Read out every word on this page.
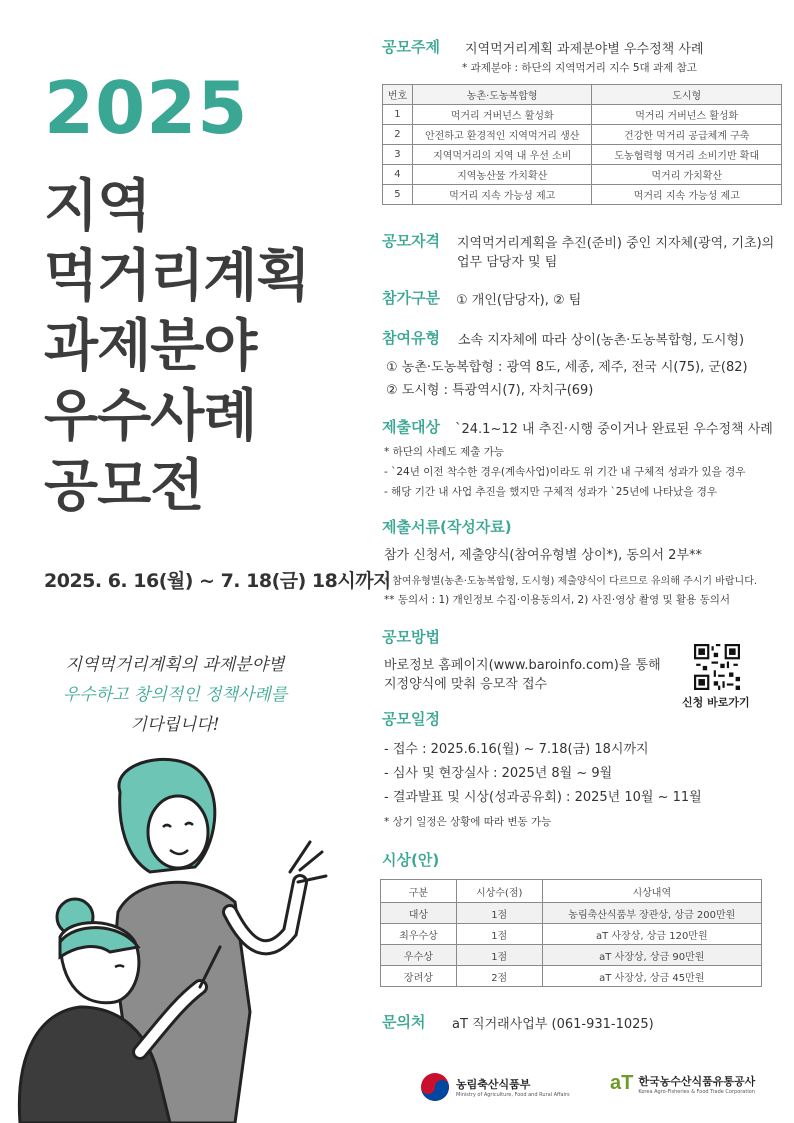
2025
지역
먹거리계획
과제분야
우수사례
공모전
2025. 6. 16(월) ~ 7. 18(금) 18시까지
지역먹거리계획의 과제분야별
우수하고 창의적인 정책사례를
기다립니다!
공모주제 지역먹거리계획 과제분야별 우수정책 사례
* 과제분야 : 하단의 지역먹거리 지수 5대 과제 참고
번호	농촌·도농복합형	도시형
1	먹거리 거버넌스 활성화	먹거리 거버넌스 활성화
2	안전하고 환경적인 지역먹거리 생산	건강한 먹거리 공급체계 구축
3	지역먹거리의 지역 내 우선 소비	도농협력형 먹거리 소비기반 확대
4	지역농산물 가치확산	먹거리 가치확산
5	먹거리 지속 가능성 제고	먹거리 지속 가능성 제고
공모자격 지역먹거리계획을 추진(준비) 중인 지자체(광역, 기초)의
업무 담당자 및 팀
참가구분 ① 개인(담당자), ② 팀
참여유형 소속 지자체에 따라 상이(농촌·도농복합형, 도시형)
① 농촌·도농복합형 : 광역 8도, 세종, 제주, 전국 시(75), 군(82)
② 도시형 : 특광역시(7), 자치구(69)
제출대상 `24.1~12 내 추진·시행 중이거나 완료된 우수정책 사례
* 하단의 사례도 제출 가능
- `24년 이전 착수한 경우(계속사업)이라도 위 기간 내 구체적 성과가 있을 경우
- 해당 기간 내 사업 추진을 했지만 구체적 성과가 `25년에 나타났을 경우
제출서류(작성자료)
참가 신청서, 제출양식(참여유형별 상이*), 동의서 2부**
* 참여유형별(농촌·도농복합형, 도시형) 제출양식이 다르므로 유의해 주시기 바랍니다.
** 동의서 : 1) 개인정보 수집·이용동의서, 2) 사진·영상 촬영 및 활용 동의서
공모방법
바로정보 홈페이지(www.baroinfo.com)을 통해
지정양식에 맞춰 응모작 접수
신청 바로가기
공모일정
- 접수 : 2025.6.16(월) ~ 7.18(금) 18시까지
- 심사 및 현장실사 : 2025년 8월 ~ 9월
- 결과발표 및 시상(성과공유회) : 2025년 10월 ~ 11월
* 상기 일정은 상황에 따라 변동 가능
시상(안)
구분	시상수(점)	시상내역
대상	1점	농림축산식품부 장관상, 상금 200만원
최우수상	1점	aT 사장상, 상금 120만원
우수상	1점	aT 사장상, 상금 90만원
장려상	2점	aT 사장상, 상금 45만원
문의처 aT 직거래사업부 (061-931-1025)
농림축산식품부
Ministry of Agriculture, Food and Rural Affairs
aT 한국농수산식품유통공사
Korea Agro-Fisheries & Food Trade Corporation
